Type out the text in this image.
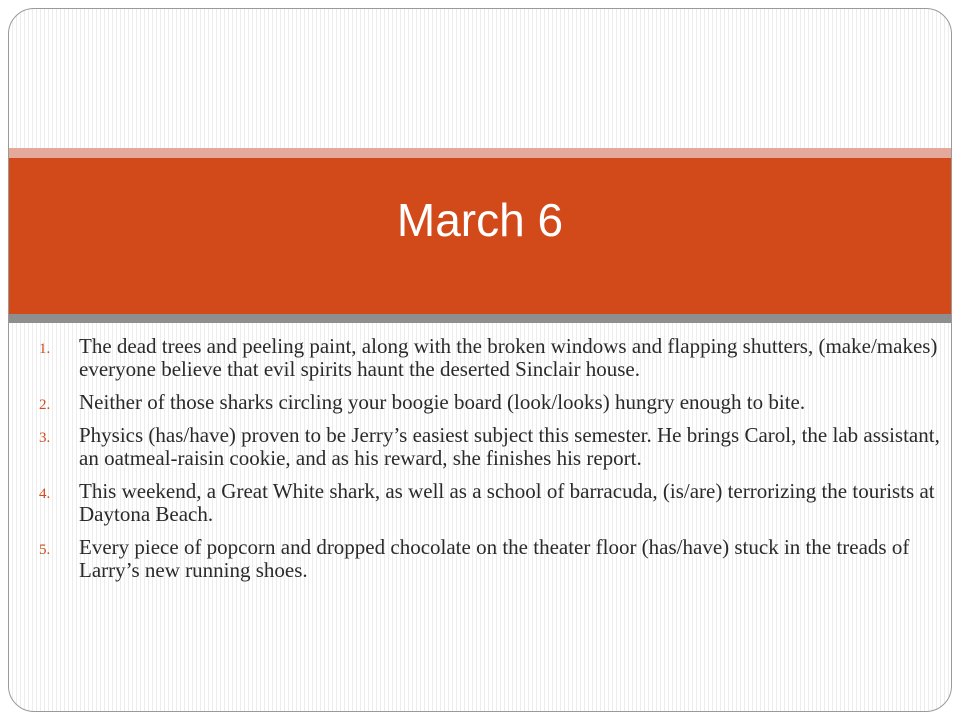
March 6
1. The dead trees and peeling paint, along with the broken windows and flapping shutters, (make/makes) everyone believe that evil spirits haunt the deserted Sinclair house.
2. Neither of those sharks circling your boogie board (look/looks) hungry enough to bite.
3. Physics (has/have) proven to be Jerry’s easiest subject this semester. He brings Carol, the lab assistant, an oatmeal-raisin cookie, and as his reward, she finishes his report.
4. This weekend, a Great White shark, as well as a school of barracuda, (is/are) terrorizing the tourists at Daytona Beach.
5. Every piece of popcorn and dropped chocolate on the theater floor (has/have) stuck in the treads of Larry’s new running shoes.
